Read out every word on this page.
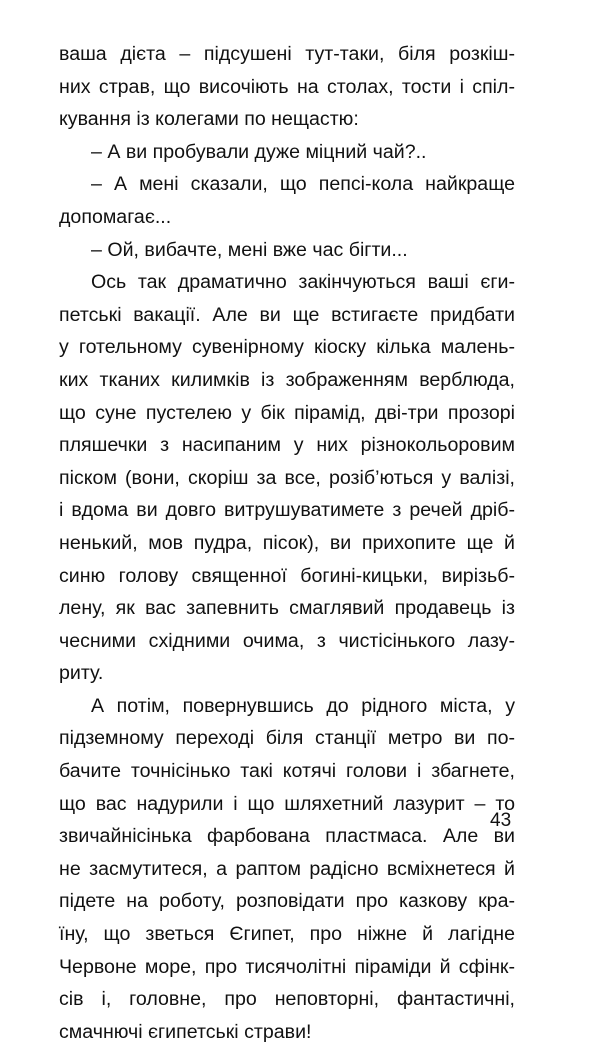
ваша дієта – підсушені тут-таки, біля розкіш-
них страв, що височіють на столах, тости і спіл-
кування із колегами по нещастю:
– А ви пробували дуже міцний чай?..
– А мені сказали, що пепсі-кола найкраще
допомагає...
– Ой, вибачте, мені вже час бігти...
Ось так драматично закінчуються ваші єги-
петські вакації. Але ви ще встигаєте придбати
у готельному сувенірному кіоску кілька малень-
ких тканих килимків із зображенням верблюда,
що суне пустелею у бік пірамід, дві-три прозорі
пляшечки з насипаним у них різнокольоровим
піском (вони, скоріш за все, розіб’ються у валізі,
і вдома ви довго витрушуватимете з речей дріб-
ненький, мов пудра, пісок), ви прихопите ще й
синю голову священної богині-кицьки, вирізьб-
лену, як вас запевнить смаглявий продавець із
чесними східними очима, з чистісінького лазу-
риту.
А потім, повернувшись до рідного міста, у
підземному переході біля станції метро ви по-
бачите точнісінько такі котячі голови і збагнете,
що вас надурили і що шляхетний лазурит – то
звичайнісінька фарбована пластмаса. Але ви
не засмутитеся, а раптом радісно всміхнетеся й
підете на роботу, розповідати про казкову кра-
їну, що зветься Єгипет, про ніжне й лагідне
Червоне море, про тисячолітні піраміди й сфінк-
сів і, головне, про неповторні, фантастичні,
смачнючі єгипетські страви!
43
